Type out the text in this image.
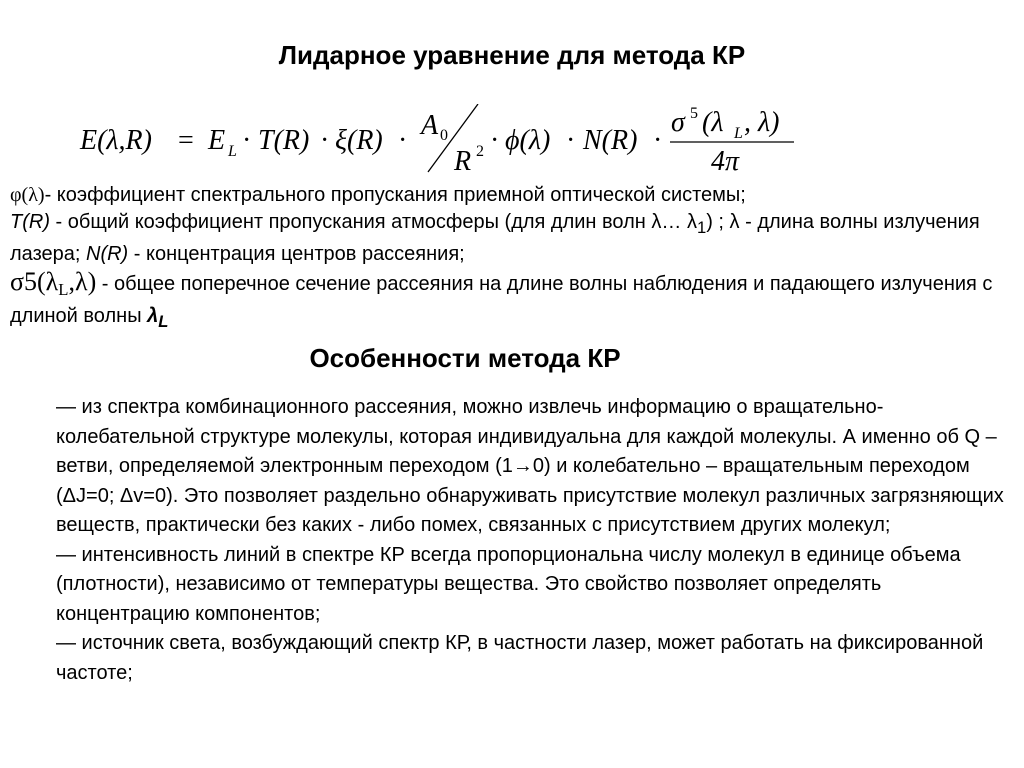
Лидарное уравнение для метода КР
E(λ,R) = E L · T(R) · ξ(R) · A 0
R 2 · ϕ(λ) · N(R) ·
σ 5 (λ L , λ)
4π

φ(λ)- коэффициент спектрального пропускания приемной оптической системы;

T(R) - общий коэффициент пропускания атмосферы (для длин волн λ… $\lambda_1$) ; λ - длина волны излучения лазера; N(R) - концентрация центров рассеяния;

$\sigma 5(\lambda_L,\lambda)$ - общее поперечное сечение рассеяния на длине волны наблюдения и падающего излучения с длиной волны $\lambda_L$

Особенности метода КР

— из спектра комбинационного рассеяния, можно извлечь информацию о вращательно- колебательной структуре молекулы, которая индивидуальна для каждой молекулы. А именно об Q –ветви, определяемой электронным переходом (1→0) и колебательно – вращательным переходом (ΔJ=0; Δv=0). Это позволяет раздельно обнаруживать присутствие молекул различных загрязняющих веществ, практически без каких - либо помех, связанных с присутствием других молекул;

— интенсивность линий в спектре КР всегда пропорциональна числу молекул в единице объема (плотности), независимо от температуры вещества. Это свойство позволяет определять концентрацию компонентов;

— источник света, возбуждающий спектр КР, в частности лазер, может работать на фиксированной частоте;
